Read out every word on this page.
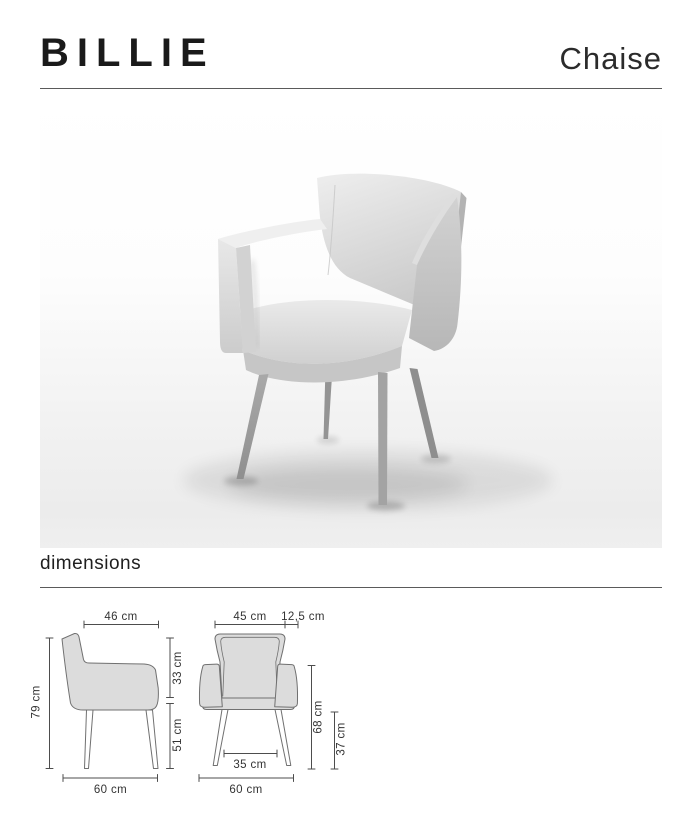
BILLIE	Chaise
dimensions
46 cm
79 cm
33 cm
51 cm
60 cm
45 cm 12,5 cm
68 cm
37 cm
35 cm
60 cm
